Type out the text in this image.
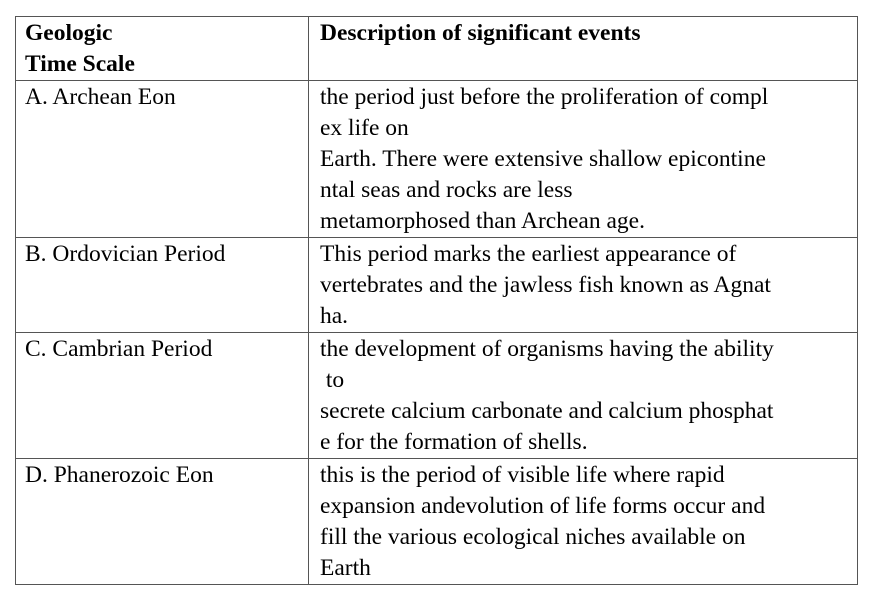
Geologic
Time Scale	Description of significant events

A. Archean Eon	the period just before the proliferation of compl
ex life on
Earth. There were extensive shallow epicontine
ntal seas and rocks are less
metamorphosed than Archean age.

B. Ordovician Period	This period marks the earliest appearance of
vertebrates and the jawless fish known as Agnat
ha.

C. Cambrian Period	the development of organisms having the ability
to
secrete calcium carbonate and calcium phosphat
e for the formation of shells.

D. Phanerozoic Eon	this is the period of visible life where rapid
expansion andevolution of life forms occur and
fill the various ecological niches available on
Earth
